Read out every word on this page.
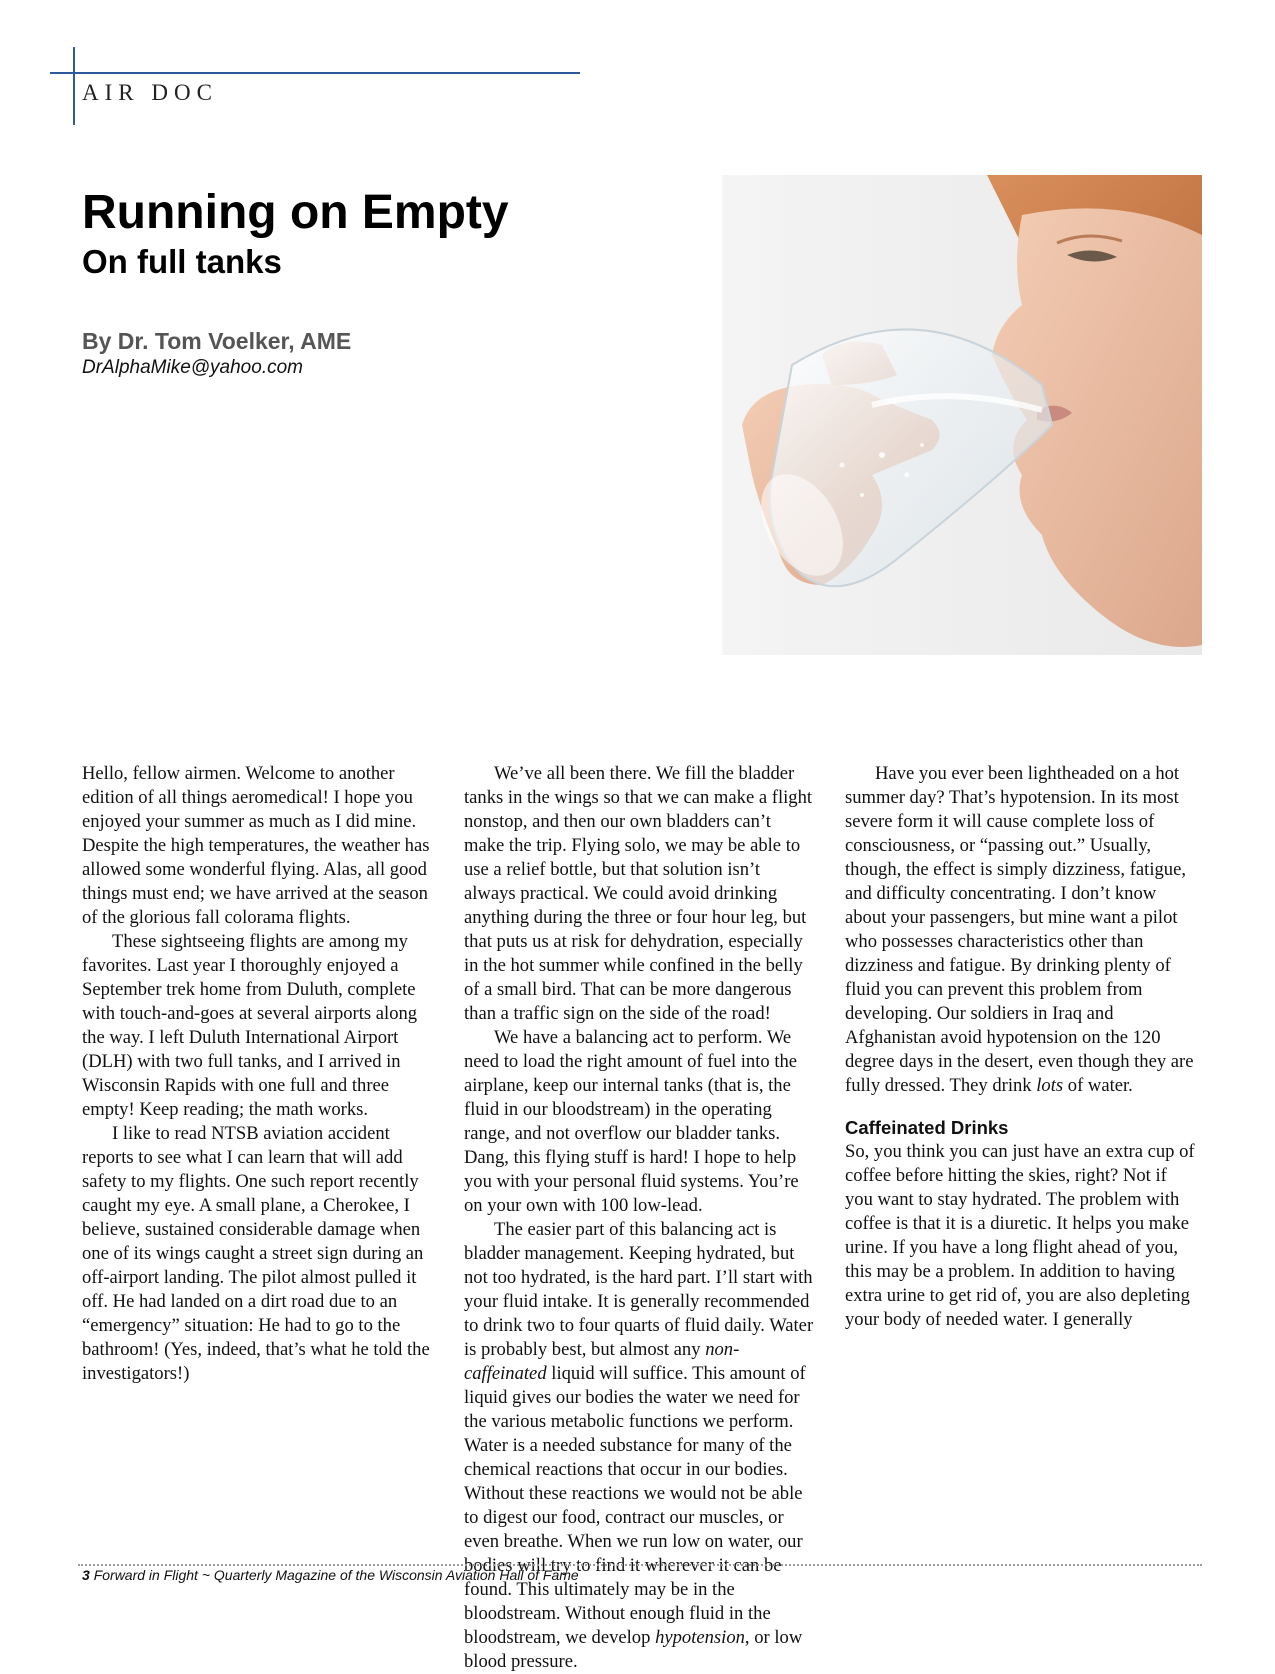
AIR DOC
Running on Empty
On full tanks
By Dr. Tom Voelker, AME
DrAlphaMike@yahoo.com

Hello, fellow airmen. Welcome to another edition of all things aeromedical! I hope you enjoyed your summer as much as I did mine. Despite the high temperatures, the weather has allowed some wonderful flying. Alas, all good things must end; we have arrived at the season of the glorious fall colorama flights.

These sightseeing flights are among my favorites. Last year I thoroughly enjoyed a September trek home from Duluth, complete with touch-and-goes at several airports along the way. I left Duluth International Airport (DLH) with two full tanks, and I arrived in Wisconsin Rapids with one full and three empty! Keep reading; the math works.

I like to read NTSB aviation accident reports to see what I can learn that will add safety to my flights. One such report recently caught my eye. A small plane, a Cherokee, I believe, sustained considerable damage when one of its wings caught a street sign during an off-airport landing. The pilot almost pulled it off. He had landed on a dirt road due to an “emergency” situation: He had to go to the bathroom! (Yes, indeed, that’s what he told the investigators!)

We’ve all been there. We fill the bladder tanks in the wings so that we can make a flight nonstop, and then our own bladders can’t make the trip. Flying solo, we may be able to use a relief bottle, but that solution isn’t always practical. We could avoid drinking anything during the three or four hour leg, but that puts us at risk for dehydration, especially in the hot summer while confined in the belly of a small bird. That can be more dangerous than a traffic sign on the side of the road!

We have a balancing act to perform. We need to load the right amount of fuel into the airplane, keep our internal tanks (that is, the fluid in our bloodstream) in the operating range, and not overflow our bladder tanks. Dang, this flying stuff is hard! I hope to help you with your personal fluid systems. You’re on your own with 100 low-lead.

The easier part of this balancing act is bladder management. Keeping hydrated, but not too hydrated, is the hard part. I’ll start with your fluid intake. It is generally recommended to drink two to four quarts of fluid daily. Water is probably best, but almost any non-caffeinated liquid will suffice. This amount of liquid gives our bodies the water we need for the various metabolic functions we perform. Water is a needed substance for many of the chemical reactions that occur in our bodies. Without these reactions we would not be able to digest our food, contract our muscles, or even breathe. When we run low on water, our bodies will try to find it wherever it can be found. This ultimately may be in the bloodstream. Without enough fluid in the bloodstream, we develop hypotension, or low blood pressure.

Have you ever been lightheaded on a hot summer day? That’s hypotension. In its most severe form it will cause complete loss of consciousness, or “passing out.” Usually, though, the effect is simply dizziness, fatigue, and difficulty concentrating. I don’t know about your passengers, but mine want a pilot who possesses characteristics other than dizziness and fatigue. By drinking plenty of fluid you can prevent this problem from developing. Our soldiers in Iraq and Afghanistan avoid hypotension on the 120 degree days in the desert, even though they are fully dressed. They drink lots of water.

Caffeinated Drinks

So, you think you can just have an extra cup of coffee before hitting the skies, right? Not if you want to stay hydrated. The problem with coffee is that it is a diuretic. It helps you make urine. If you have a long flight ahead of you, this may be a problem. In addition to having extra urine to get rid of, you are also depleting your body of needed water. I generally

3 Forward in Flight ~ Quarterly Magazine of the Wisconsin Aviation Hall of Fame
